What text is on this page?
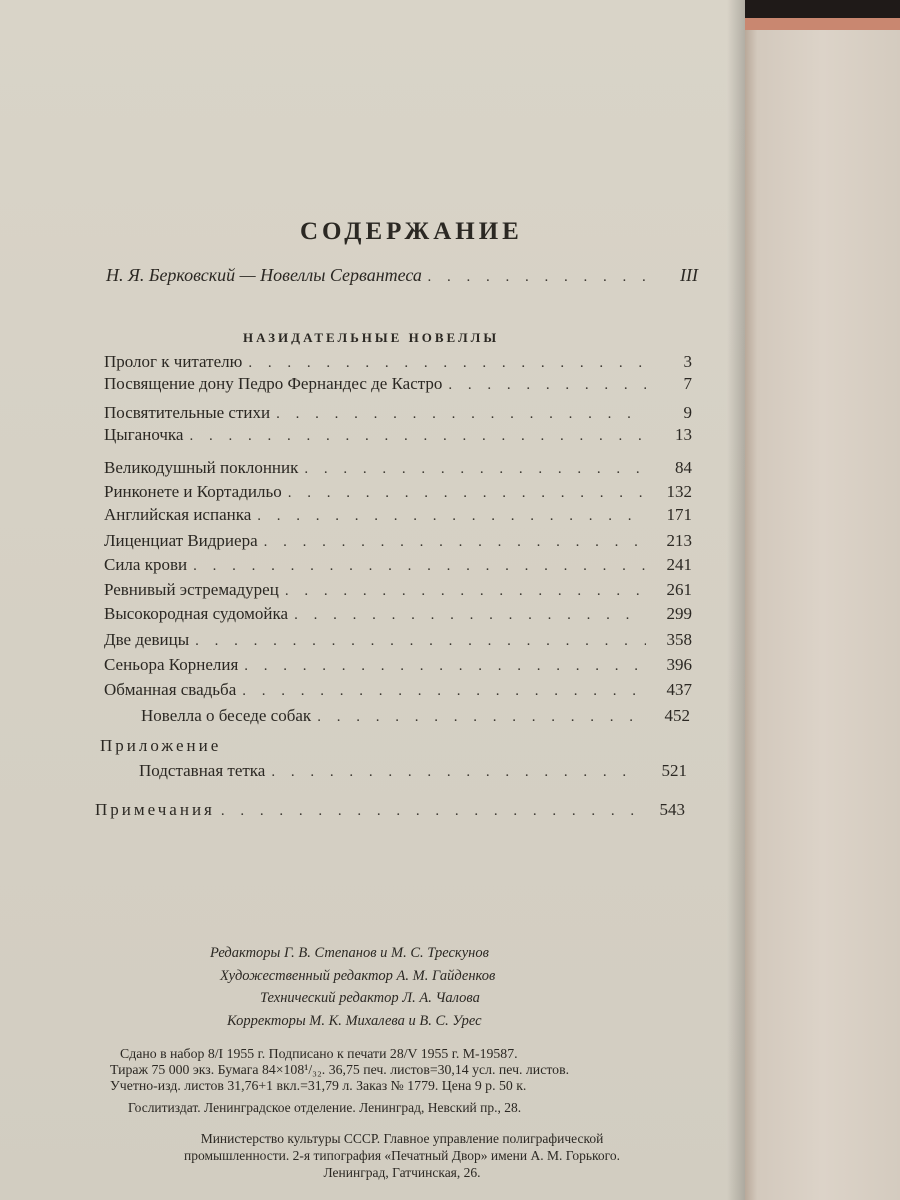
СОДЕРЖАНИЕ
Н. Я. Берковский — Новеллы Сервантеса . . .	III
НАЗИДАТЕЛЬНЫЕ НОВЕЛЛЫ
Пролог к читателю . . .	3
Посвящение дону Педро Фернандес де Кастро . . .	7
Посвятительные стихи . . .	9
Цыганочка . . .	13
Великодушный поклонник . . .	84
Ринконете и Кортадильо . . .	132
Английская испанка . . .	171
Лиценциат Видриера . . .	213
Сила крови . . .	241
Ревнивый эстремадурец . . .	261
Высокородная судомойка . . .	299
Две девицы . . .	358
Сеньора Корнелия . . .	396
Обманная свадьба . . .	437
Новелла о беседе собак . . .	452
Приложение
Подставная тетка . . .	521
Примечания . . .	543

Редакторы Г. В. Степанов и М. С. Трескунов

Художественный редактор А. М. Гайденков

Технический редактор Л. А. Чалова

Корректоры М. К. Михалева и В. С. Урес

Сдано в набор 8/I 1955 г. Подписано к печати 28/V 1955 г. М-19587.

Тираж 75 000 экз. Бумага 84×108¹/₃₂. 36,75 печ. листов=30,14 усл. печ. листов.

Учетно-изд. листов 31,76+1 вкл.=31,79 л. Заказ № 1779. Цена 9 р. 50 к.

Гослитиздат. Ленинградское отделение. Ленинград, Невский пр., 28.

Министерство культуры СССР. Главное управление полиграфической

промышленности. 2-я типография «Печатный Двор» имени А. М. Горького.

Ленинград, Гатчинская, 26.
